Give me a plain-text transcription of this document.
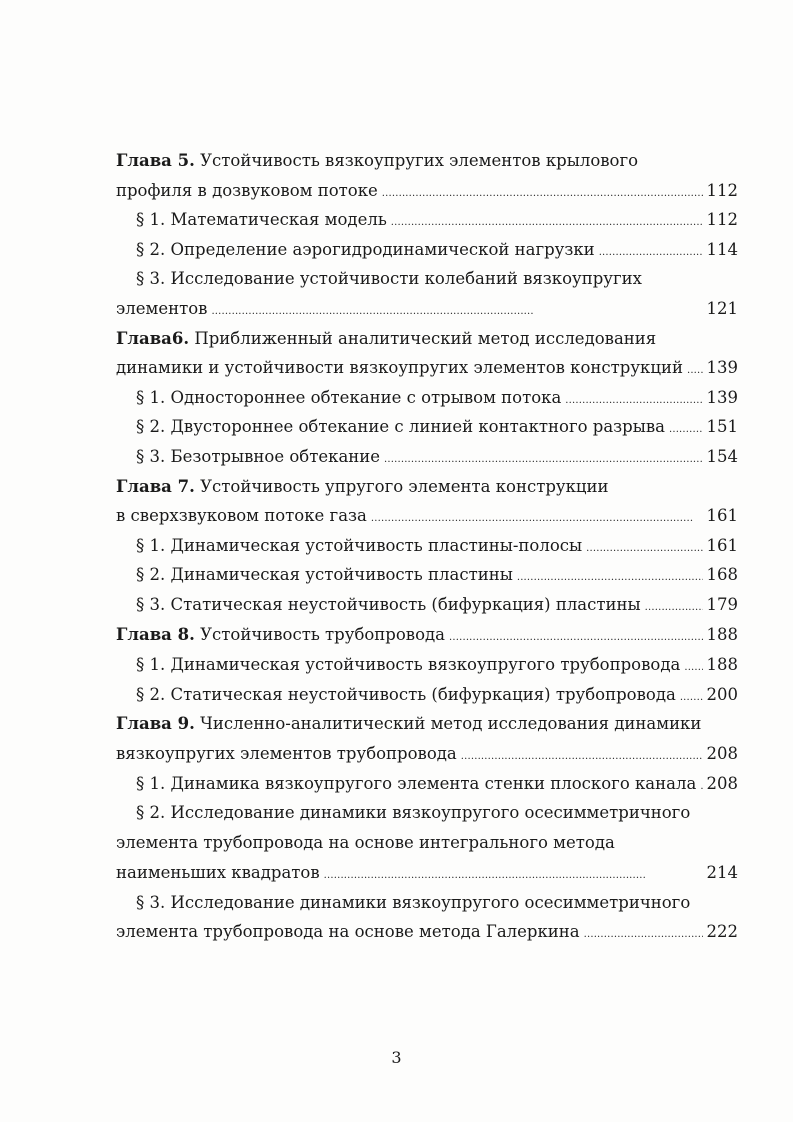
Глава 5. Устойчивость вязкоупругих элементов крылового
профиля в дозвуковом потоке . . .	112
§ 1. Математическая модель . . .	112
§ 2. Определение аэрогидродинамической нагрузки . . .	114
§ 3. Исследование устойчивости колебаний вязкоупругих
элементов . . .	121
Глава6. Приближенный аналитический метод исследования
динамики и устойчивости вязкоупругих элементов конструкций . . . 139
§ 1. Одностороннее обтекание с отрывом потока . . .	139
§ 2. Двустороннее обтекание с линией контактного разрыва . . .	151
§ 3. Безотрывное обтекание . . .	154
Глава 7. Устойчивость упругого элемента конструкции
в сверхзвуковом потоке газа . . .	161
§ 1. Динамическая устойчивость пластины-полосы . . .	161
§ 2. Динамическая устойчивость пластины . . .	168
§ 3. Статическая неустойчивость (бифуркация) пластины . . .	179
Глава 8. Устойчивость трубопровода . . .	188
§ 1. Динамическая устойчивость вязкоупругого трубопровода . . . 188
§ 2. Статическая неустойчивость (бифуркация) трубопровода . . . 200
Глава 9. Численно-аналитический метод исследования динамики
вязкоупругих элементов трубопровода . . .	208
§ 1. Динамика вязкоупругого элемента стенки плоского канала . . . 208
§ 2. Исследование динамики вязкоупругого осесимметричного
элемента трубопровода на основе интегрального метода
наименьших квадратов . . .	214
§ 3. Исследование динамики вязкоупругого осесимметричного
элемента трубопровода на основе метода Галеркина . . .	222
3
